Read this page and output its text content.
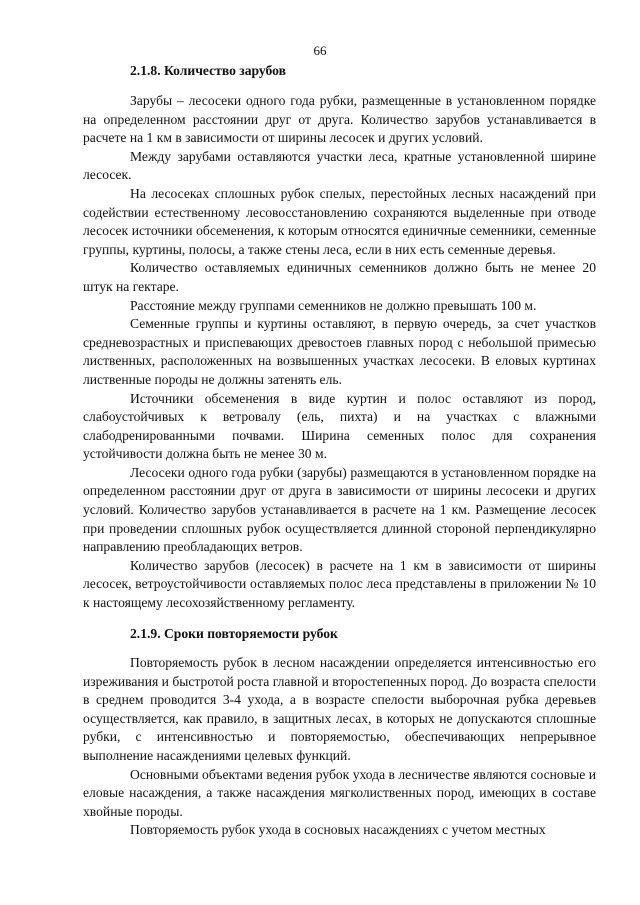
66
2.1.8. Количество зарубов

Зарубы – лесосеки одного года рубки, размещенные в установленном порядке на определенном расстоянии друг от друга. Количество зарубов устанавливается в расчете на 1 км в зависимости от ширины лесосек и других условий.

Между зарубами оставляются участки леса, кратные установленной ширине лесосек.

На лесосеках сплошных рубок спелых, перестойных лесных насаждений при содействии естественному лесовосстановлению сохраняются выделенные при отводе лесосек источники обсеменения, к которым относятся единичные семенники, семенные группы, куртины, полосы, а также стены леса, если в них есть семенные деревья.

Количество оставляемых единичных семенников должно быть не менее 20 штук на гектаре.

Расстояние между группами семенников не должно превышать 100 м.

Семенные группы и куртины оставляют, в первую очередь, за счет участков средневозрастных и приспевающих древостоев главных пород с небольшой примесью лиственных, расположенных на возвышенных участках лесосеки. В еловых куртинах лиственные породы не должны затенять ель.

Источники обсеменения в виде куртин и полос оставляют из пород, слабоустойчивых к ветровалу (ель, пихта) и на участках с влажными слабодренированными почвами. Ширина семенных полос для сохранения устойчивости должна быть не менее 30 м.

Лесосеки одного года рубки (зарубы) размещаются в установленном порядке на определенном расстоянии друг от друга в зависимости от ширины лесосеки и других условий. Количество зарубов устанавливается в расчете на 1 км. Размещение лесосек при проведении сплошных рубок осуществляется длинной стороной перпендикулярно направлению преобладающих ветров.

Количество зарубов (лесосек) в расчете на 1 км в зависимости от ширины лесосек, ветроустойчивости оставляемых полос леса представлены в приложении № 10 к настоящему лесохозяйственному регламенту.

2.1.9. Сроки повторяемости рубок

Повторяемость рубок в лесном насаждении определяется интенсивностью его изреживания и быстротой роста главной и второстепенных пород. До возраста спелости в среднем проводится 3-4 ухода, а в возрасте спелости выборочная рубка деревьев осуществляется, как правило, в защитных лесах, в которых не допускаются сплошные рубки, с интенсивностью и повторяемостью, обеспечивающих непрерывное выполнение насаждениями целевых функций.

Основными объектами ведения рубок ухода в лесничестве являются сосновые и еловые насаждения, а также насаждения мягколиственных пород, имеющих в составе хвойные породы.

Повторяемость рубок ухода в сосновых насаждениях с учетом местных
